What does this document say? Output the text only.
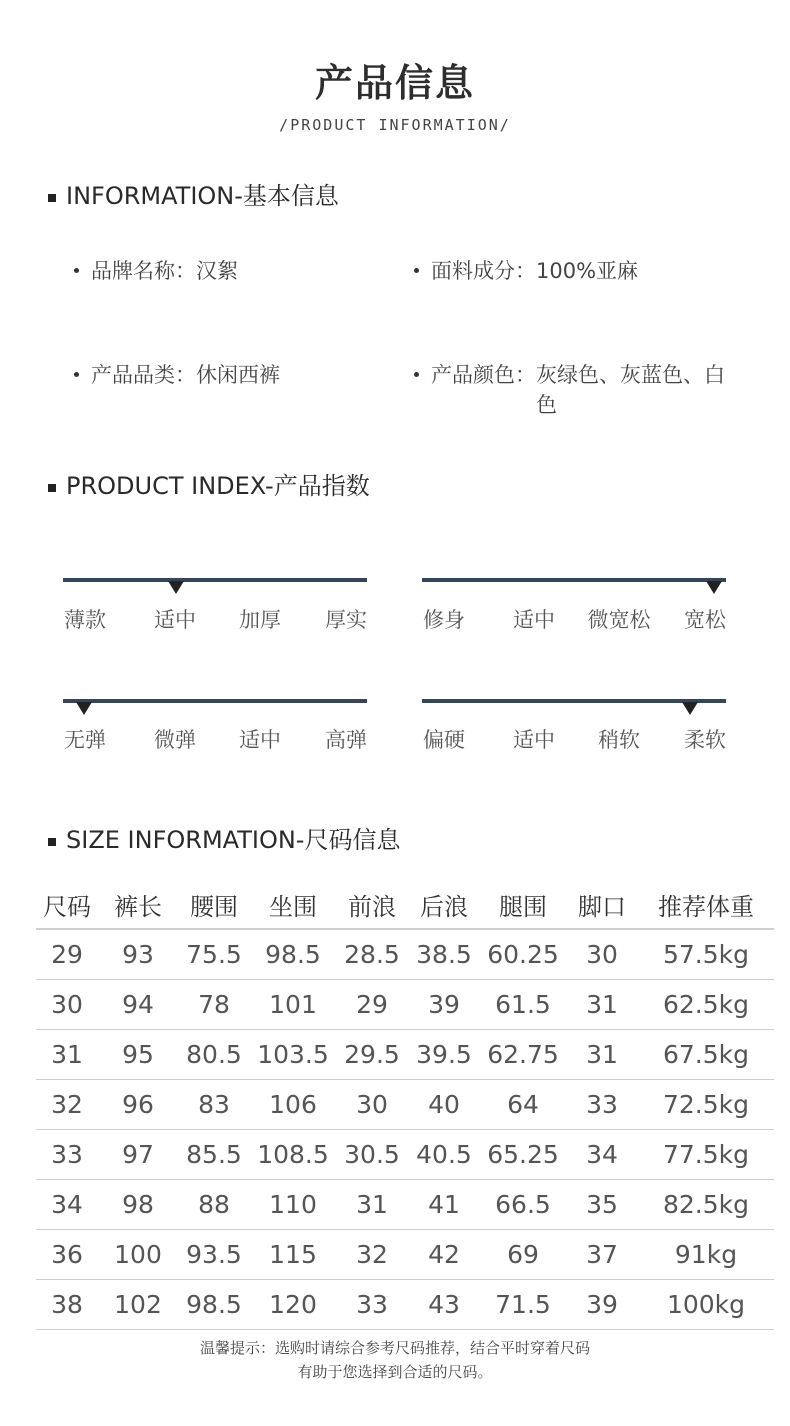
产品信息
/PRODUCT INFORMATION/
INFORMATION-基本信息
品牌名称：汉絮	面料成分：100%亚麻
产品品类：休闲西裤	产品颜色： 灰绿色、灰蓝色、白色
PRODUCT INDEX-产品指数
薄款	适中	加厚	厚实	修身	适中	微宽松	宽松
无弹	微弹	适中	高弹	偏硬	适中	稍软	柔软
SIZE INFORMATION-尺码信息
尺码	裤长	腰围	坐围	前浪	后浪	腿围	脚口	推荐体重
29	93	75.5	98.5	28.5	38.5	60.25	30	57.5kg
30	94	78	101	29	39	61.5	31	62.5kg
31	95	80.5	103.5	29.5	39.5	62.75	31	67.5kg
32	96	83	106	30	40	64	33	72.5kg
33	97	85.5	108.5	30.5	40.5	65.25	34	77.5kg
34	98	88	110	31	41	66.5	35	82.5kg
36	100	93.5	115	32	42	69	37	91kg
38	102	98.5	120	33	43	71.5	39	100kg
温馨提示：选购时请综合参考尺码推荐，结合平时穿着尺码
有助于您选择到合适的尺码。
